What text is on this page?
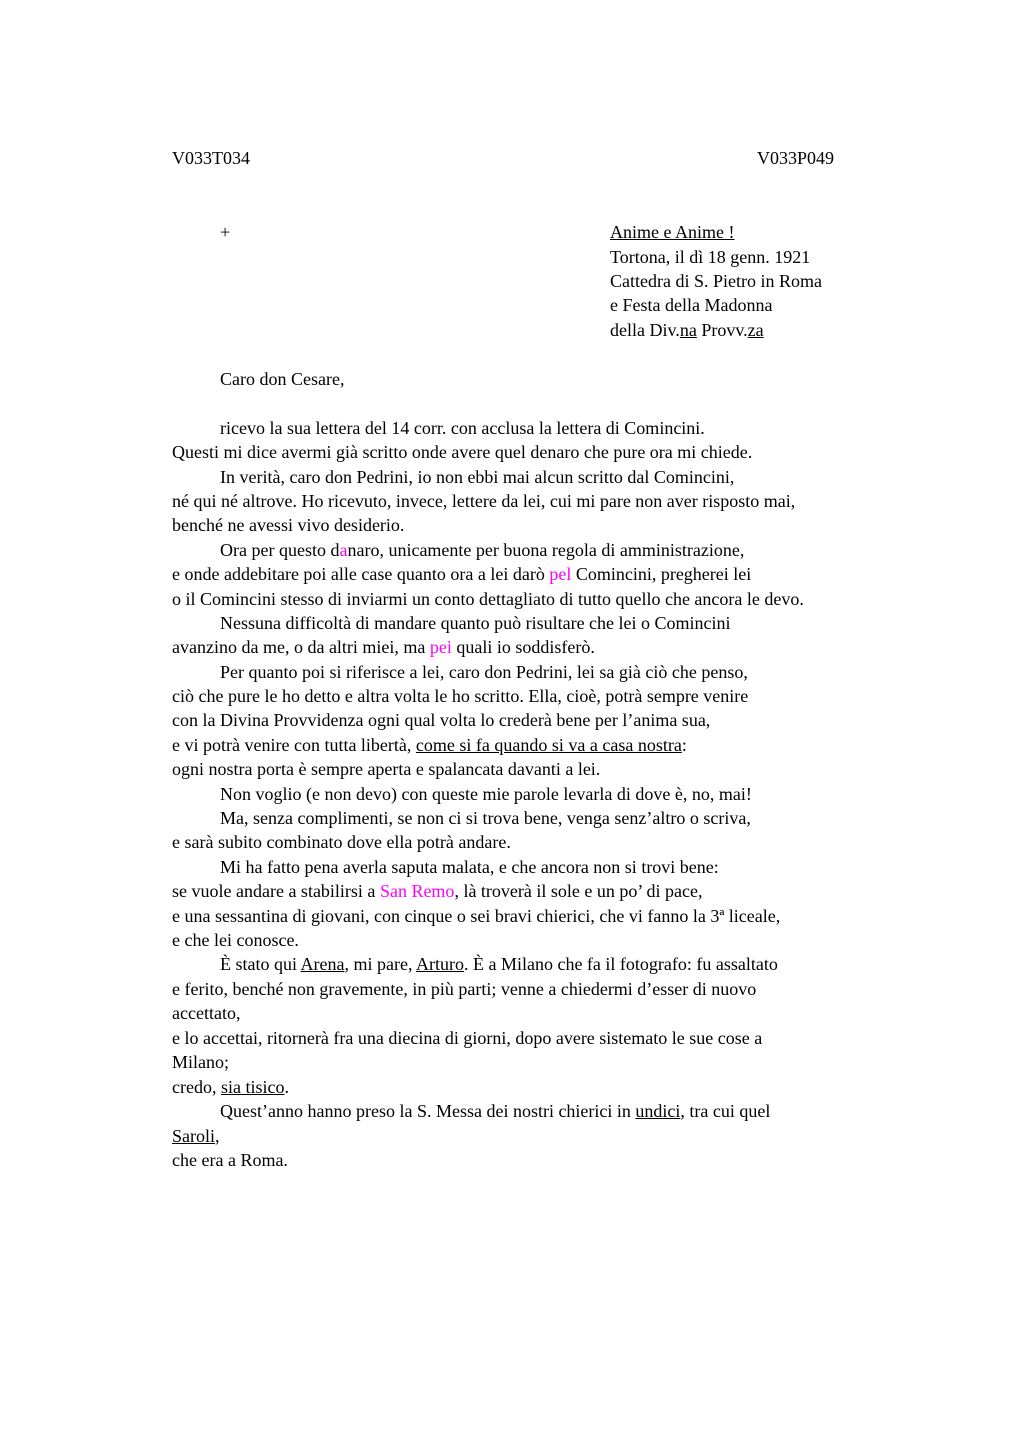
V033T034	V033P049
+	Anime e Anime !
Tortona, il dì 18 genn. 1921
Cattedra di S. Pietro in Roma
e Festa della Madonna
della Div.na Provv.za
Caro don Cesare,
ricevo la sua lettera del 14 corr. con acclusa la lettera di Comincini.
Questi mi dice avermi già scritto onde avere quel denaro che pure ora mi chiede.
In verità, caro don Pedrini, io non ebbi mai alcun scritto dal Comincini,
né qui né altrove. Ho ricevuto, invece, lettere da lei, cui mi pare non aver risposto mai,
benché ne avessi vivo desiderio.
Ora per questo danaro, unicamente per buona regola di amministrazione,
e onde addebitare poi alle case quanto ora a lei darò pel Comincini, pregherei lei
o il Comincini stesso di inviarmi un conto dettagliato di tutto quello che ancora le devo.
Nessuna difficoltà di mandare quanto può risultare che lei o Comincini
avanzino da me, o da altri miei, ma pei quali io soddisferò.
Per quanto poi si riferisce a lei, caro don Pedrini, lei sa già ciò che penso,
ciò che pure le ho detto e altra volta le ho scritto. Ella, cioè, potrà sempre venire
con la Divina Provvidenza ogni qual volta lo crederà bene per l’anima sua,
e vi potrà venire con tutta libertà, come si fa quando si va a casa nostra:
ogni nostra porta è sempre aperta e spalancata davanti a lei.
Non voglio (e non devo) con queste mie parole levarla di dove è, no, mai!
Ma, senza complimenti, se non ci si trova bene, venga senz’altro o scriva,
e sarà subito combinato dove ella potrà andare.
Mi ha fatto pena averla saputa malata, e che ancora non si trovi bene:
se vuole andare a stabilirsi a San Remo, là troverà il sole e un po’ di pace,
e una sessantina di giovani, con cinque o sei bravi chierici, che vi fanno la 3ª liceale,
e che lei conosce.
È stato qui Arena, mi pare, Arturo. È a Milano che fa il fotografo: fu assaltato
e ferito, benché non gravemente, in più parti; venne a chiedermi d’esser di nuovo
accettato,
e lo accettai, ritornerà fra una diecina di giorni, dopo avere sistemato le sue cose a
Milano;
credo, sia tisico.
Quest’anno hanno preso la S. Messa dei nostri chierici in undici, tra cui quel
Saroli,
che era a Roma.
